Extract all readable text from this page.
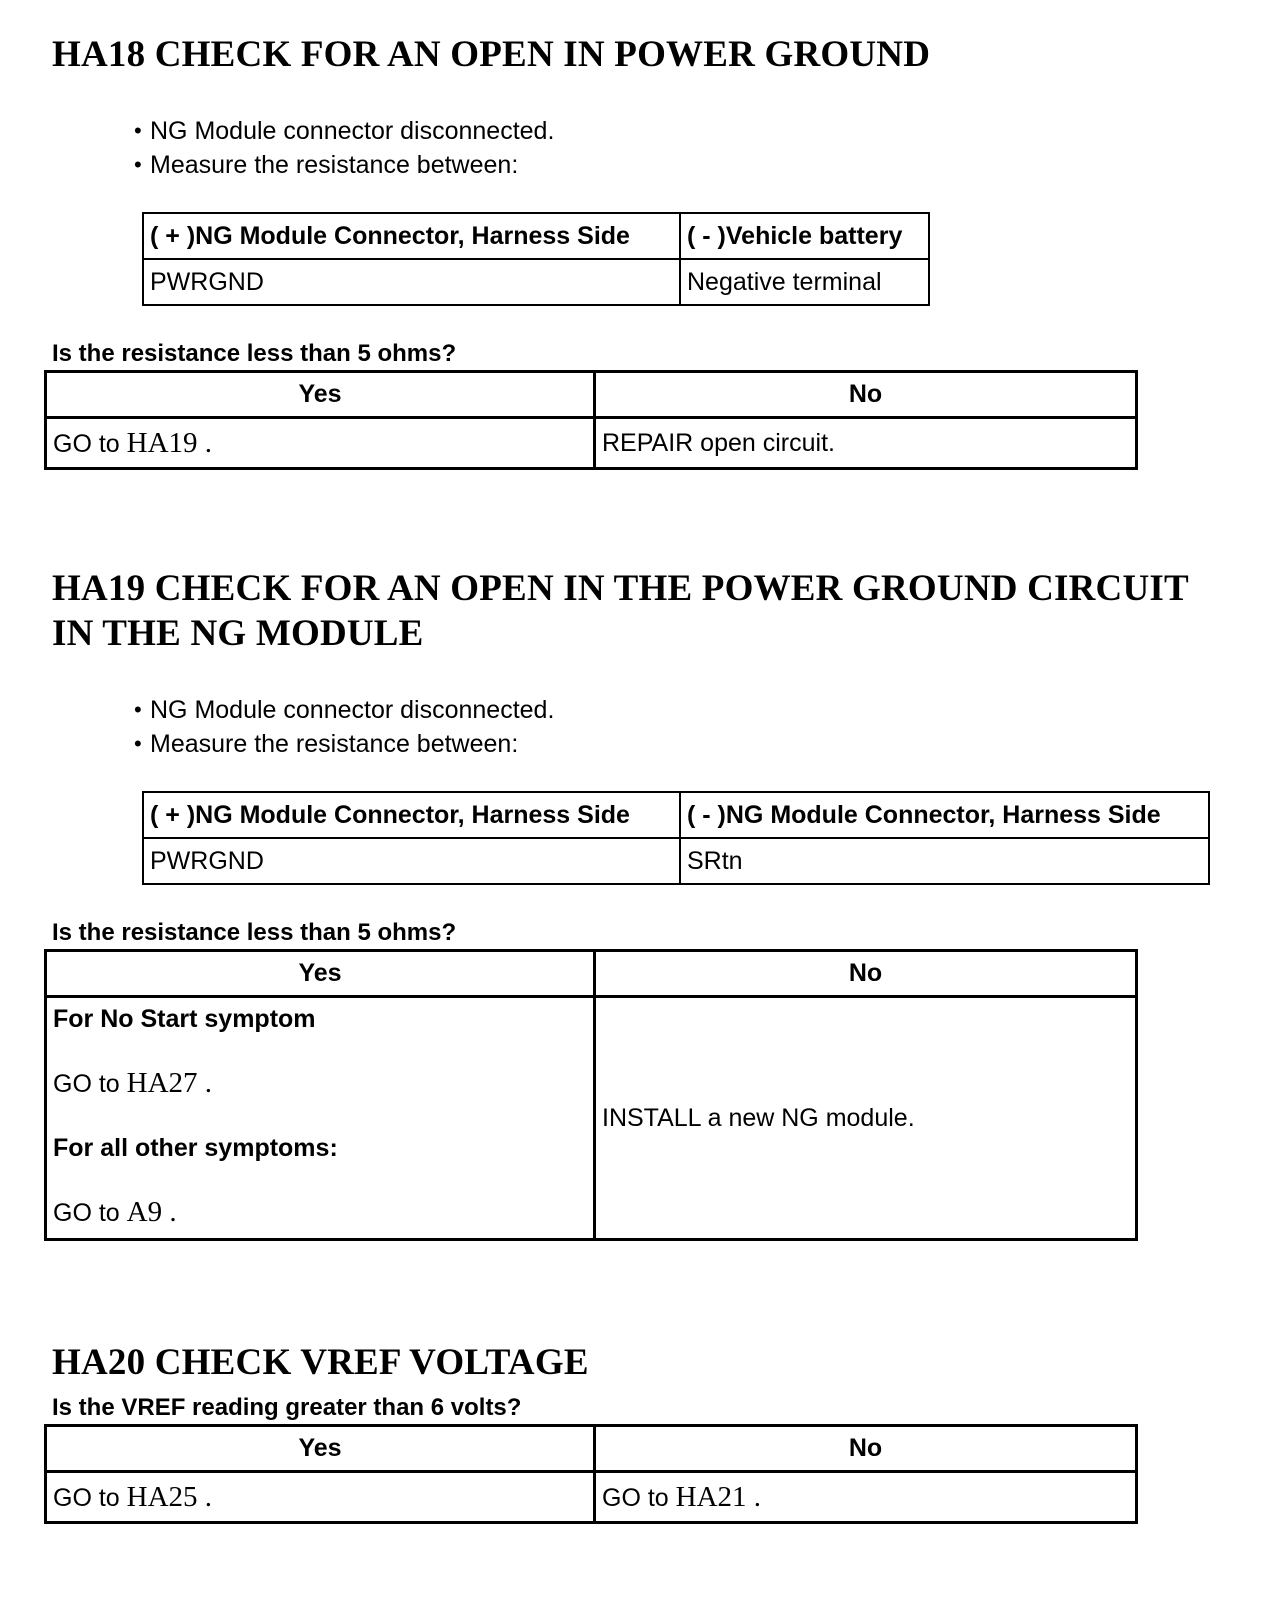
HA18 CHECK FOR AN OPEN IN POWER GROUND
• NG Module connector disconnected.
• Measure the resistance between:
( + )NG Module Connector, Harness Side	( - )Vehicle battery
PWRGND	Negative terminal

Is the resistance less than 5 ohms?

Yes	No
GO to HA19 .	REPAIR open circuit.
HA19 CHECK FOR AN OPEN IN THE POWER GROUND CIRCUIT
IN THE NG MODULE
• NG Module connector disconnected.
• Measure the resistance between:
( + )NG Module Connector, Harness Side	( - )NG Module Connector, Harness Side
PWRGND	SRtn

Is the resistance less than 5 ohms?

Yes	No

For No Start symptom

GO to HA27 .

For all other symptoms:

GO to A9 .	INSTALL a new NG module.
HA20 CHECK VREF VOLTAGE

Is the VREF reading greater than 6 volts?

Yes	No
GO to HA25 .	GO to HA21 .
